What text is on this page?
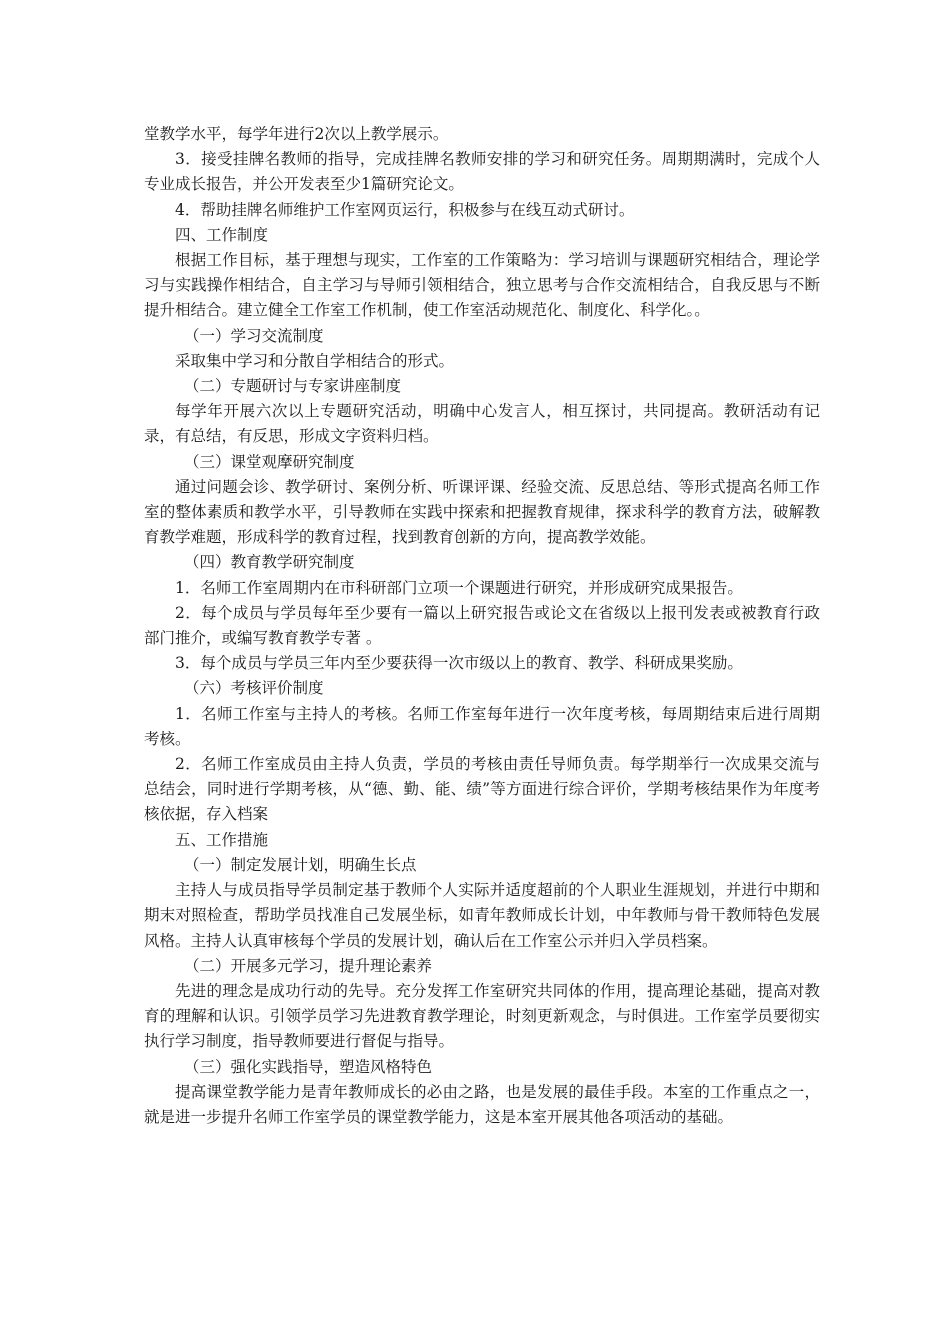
堂教学水平，每学年进行2次以上教学展示。

3．接受挂牌名教师的指导，完成挂牌名教师安排的学习和研究任务。周期期满时，完成个人专业成长报告，并公开发表至少1篇研究论文。

4．帮助挂牌名师维护工作室网页运行，积极参与在线互动式研讨。

四、工作制度

根据工作目标，基于理想与现实，工作室的工作策略为：学习培训与课题研究相结合，理论学习与实践操作相结合，自主学习与导师引领相结合，独立思考与合作交流相结合，自我反思与不断提升相结合。建立健全工作室工作机制，使工作室活动规范化、制度化、科学化。。

（一）学习交流制度

采取集中学习和分散自学相结合的形式。

（二）专题研讨与专家讲座制度

每学年开展六次以上专题研究活动，明确中心发言人，相互探讨，共同提高。教研活动有记录，有总结，有反思，形成文字资料归档。

（三）课堂观摩研究制度

通过问题会诊、教学研讨、案例分析、听课评课、经验交流、反思总结、等形式提高名师工作室的整体素质和教学水平，引导教师在实践中探索和把握教育规律，探求科学的教育方法，破解教育教学难题，形成科学的教育过程，找到教育创新的方向，提高教学效能。

（四）教育教学研究制度

1．名师工作室周期内在市科研部门立项一个课题进行研究，并形成研究成果报告。

2．每个成员与学员每年至少要有一篇以上研究报告或论文在省级以上报刊发表或被教育行政部门推介，或编写教育教学专著 。

3．每个成员与学员三年内至少要获得一次市级以上的教育、教学、科研成果奖励。

（六）考核评价制度

1．名师工作室与主持人的考核。名师工作室每年进行一次年度考核，每周期结束后进行周期考核。

2．名师工作室成员由主持人负责，学员的考核由责任导师负责。每学期举行一次成果交流与总结会，同时进行学期考核，从“德、勤、能、绩”等方面进行综合评价，学期考核结果作为年度考核依据，存入档案

五、工作措施

（一）制定发展计划，明确生长点

主持人与成员指导学员制定基于教师个人实际并适度超前的个人职业生涯规划，并进行中期和期末对照检查，帮助学员找准自己发展坐标，如青年教师成长计划，中年教师与骨干教师特色发展风格。主持人认真审核每个学员的发展计划，确认后在工作室公示并归入学员档案。

（二）开展多元学习，提升理论素养

先进的理念是成功行动的先导。充分发挥工作室研究共同体的作用，提高理论基础，提高对教育的理解和认识。引领学员学习先进教育教学理论，时刻更新观念，与时俱进。工作室学员要彻实执行学习制度，指导教师要进行督促与指导。

（三）强化实践指导，塑造风格特色

提高课堂教学能力是青年教师成长的必由之路，也是发展的最佳手段。本室的工作重点之一，就是进一步提升名师工作室学员的课堂教学能力，这是本室开展其他各项活动的基础。
